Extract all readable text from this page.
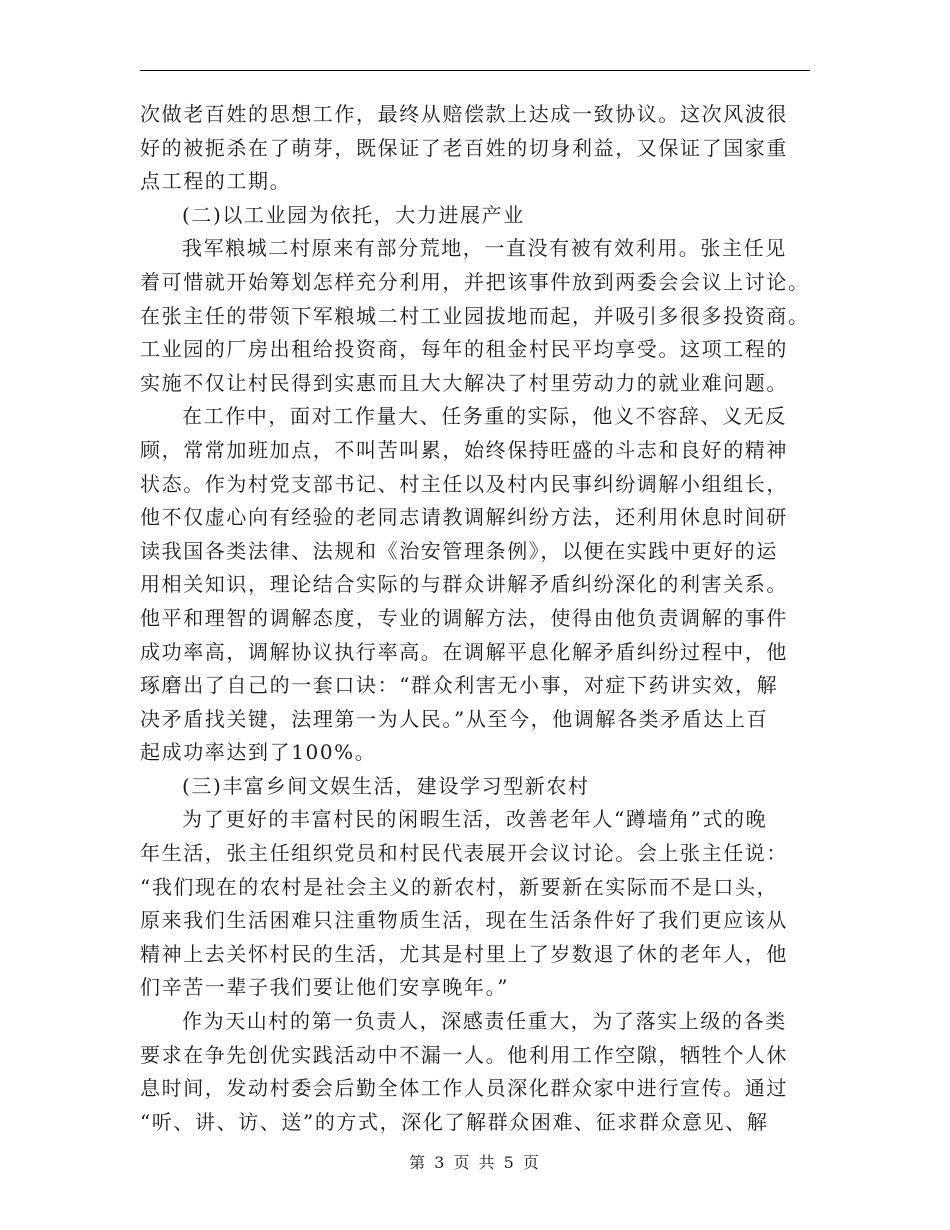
次做老百姓的思想工作，最终从赔偿款上达成一致协议。这次风波很
好的被扼杀在了萌芽，既保证了老百姓的切身利益，又保证了国家重
点工程的工期。
(二)以工业园为依托，大力进展产业
我军粮城二村原来有部分荒地，一直没有被有效利用。张主任见
着可惜就开始筹划怎样充分利用，并把该事件放到两委会会议上讨论。
在张主任的带领下军粮城二村工业园拔地而起，并吸引多很多投资商。
工业园的厂房出租给投资商，每年的租金村民平均享受。这项工程的
实施不仅让村民得到实惠而且大大解决了村里劳动力的就业难问题。
在工作中，面对工作量大、任务重的实际，他义不容辞、义无反
顾，常常加班加点，不叫苦叫累，始终保持旺盛的斗志和良好的精神
状态。作为村党支部书记、村主任以及村内民事纠纷调解小组组长，
他不仅虚心向有经验的老同志请教调解纠纷方法，还利用休息时间研
读我国各类法律、法规和《治安管理条例》，以便在实践中更好的运
用相关知识，理论结合实际的与群众讲解矛盾纠纷深化的利害关系。
他平和理智的调解态度，专业的调解方法，使得由他负责调解的事件
成功率高，调解协议执行率高。在调解平息化解矛盾纠纷过程中，他
琢磨出了自己的一套口诀：“群众利害无小事，对症下药讲实效，解
决矛盾找关键，法理第一为人民。”从至今，他调解各类矛盾达上百
起成功率达到了100%。
(三)丰富乡间文娱生活，建设学习型新农村
为了更好的丰富村民的闲暇生活，改善老年人“蹲墙角”式的晚
年生活，张主任组织党员和村民代表展开会议讨论。会上张主任说：
“我们现在的农村是社会主义的新农村，新要新在实际而不是口头，
原来我们生活困难只注重物质生活，现在生活条件好了我们更应该从
精神上去关怀村民的生活，尤其是村里上了岁数退了休的老年人，他
们辛苦一辈子我们要让他们安享晚年。”
作为天山村的第一负责人，深感责任重大，为了落实上级的各类
要求在争先创优实践活动中不漏一人。他利用工作空隙，牺牲个人休
息时间，发动村委会后勤全体工作人员深化群众家中进行宣传。通过
“听、讲、访、送”的方式，深化了解群众困难、征求群众意见、解
第 3 页 共 5 页
